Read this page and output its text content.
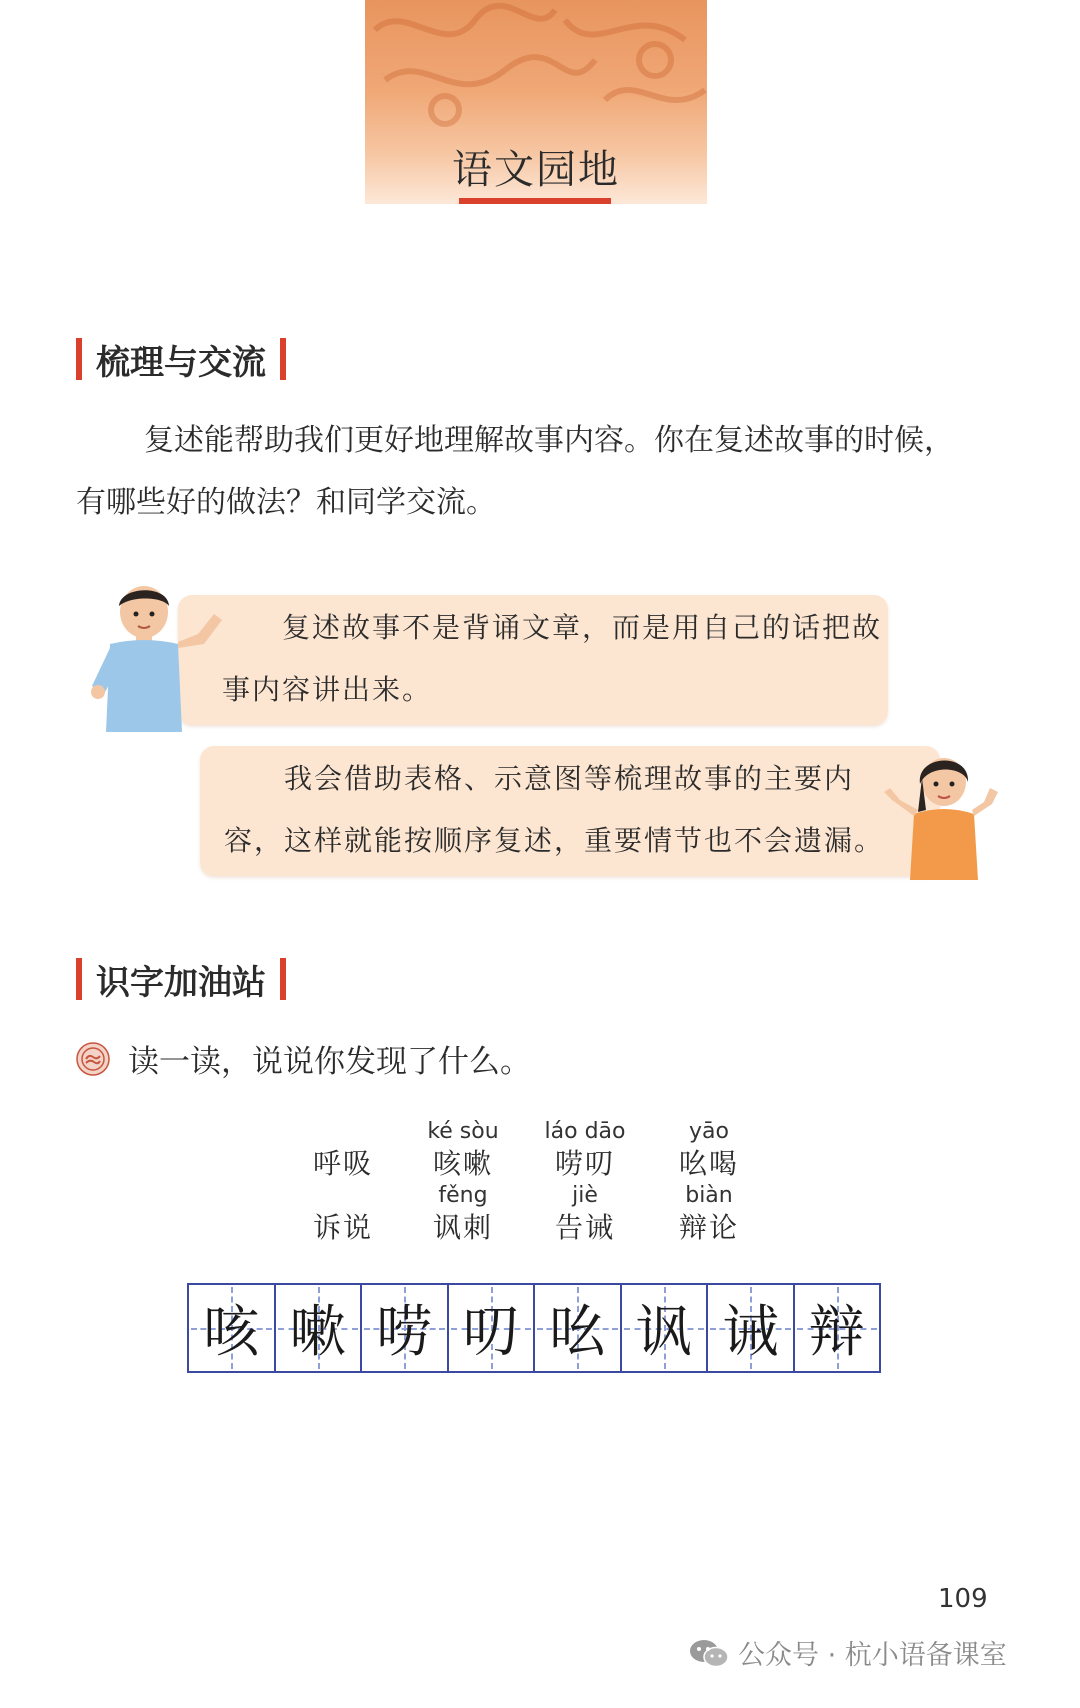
语文园地
梳理与交流
复述能帮助我们更好地理解故事内容。你在复述故事的时候，
有哪些好的做法？和同学交流。
复述故事不是背诵文章，而是用自己的话把故
事内容讲出来。
我会借助表格、示意图等梳理故事的主要内
容，这样就能按顺序复述，重要情节也不会遗漏。
识字加油站
读一读，说说你发现了什么。
呼吸
ké sòu
咳嗽
láo dāo
唠叨
yāo
吆喝
诉说
fěng
讽刺
jiè
告诫
biàn
辩论
咳 嗽 唠 叨 吆 讽 诫 辩
109
公众号 · 杭小语备课室
